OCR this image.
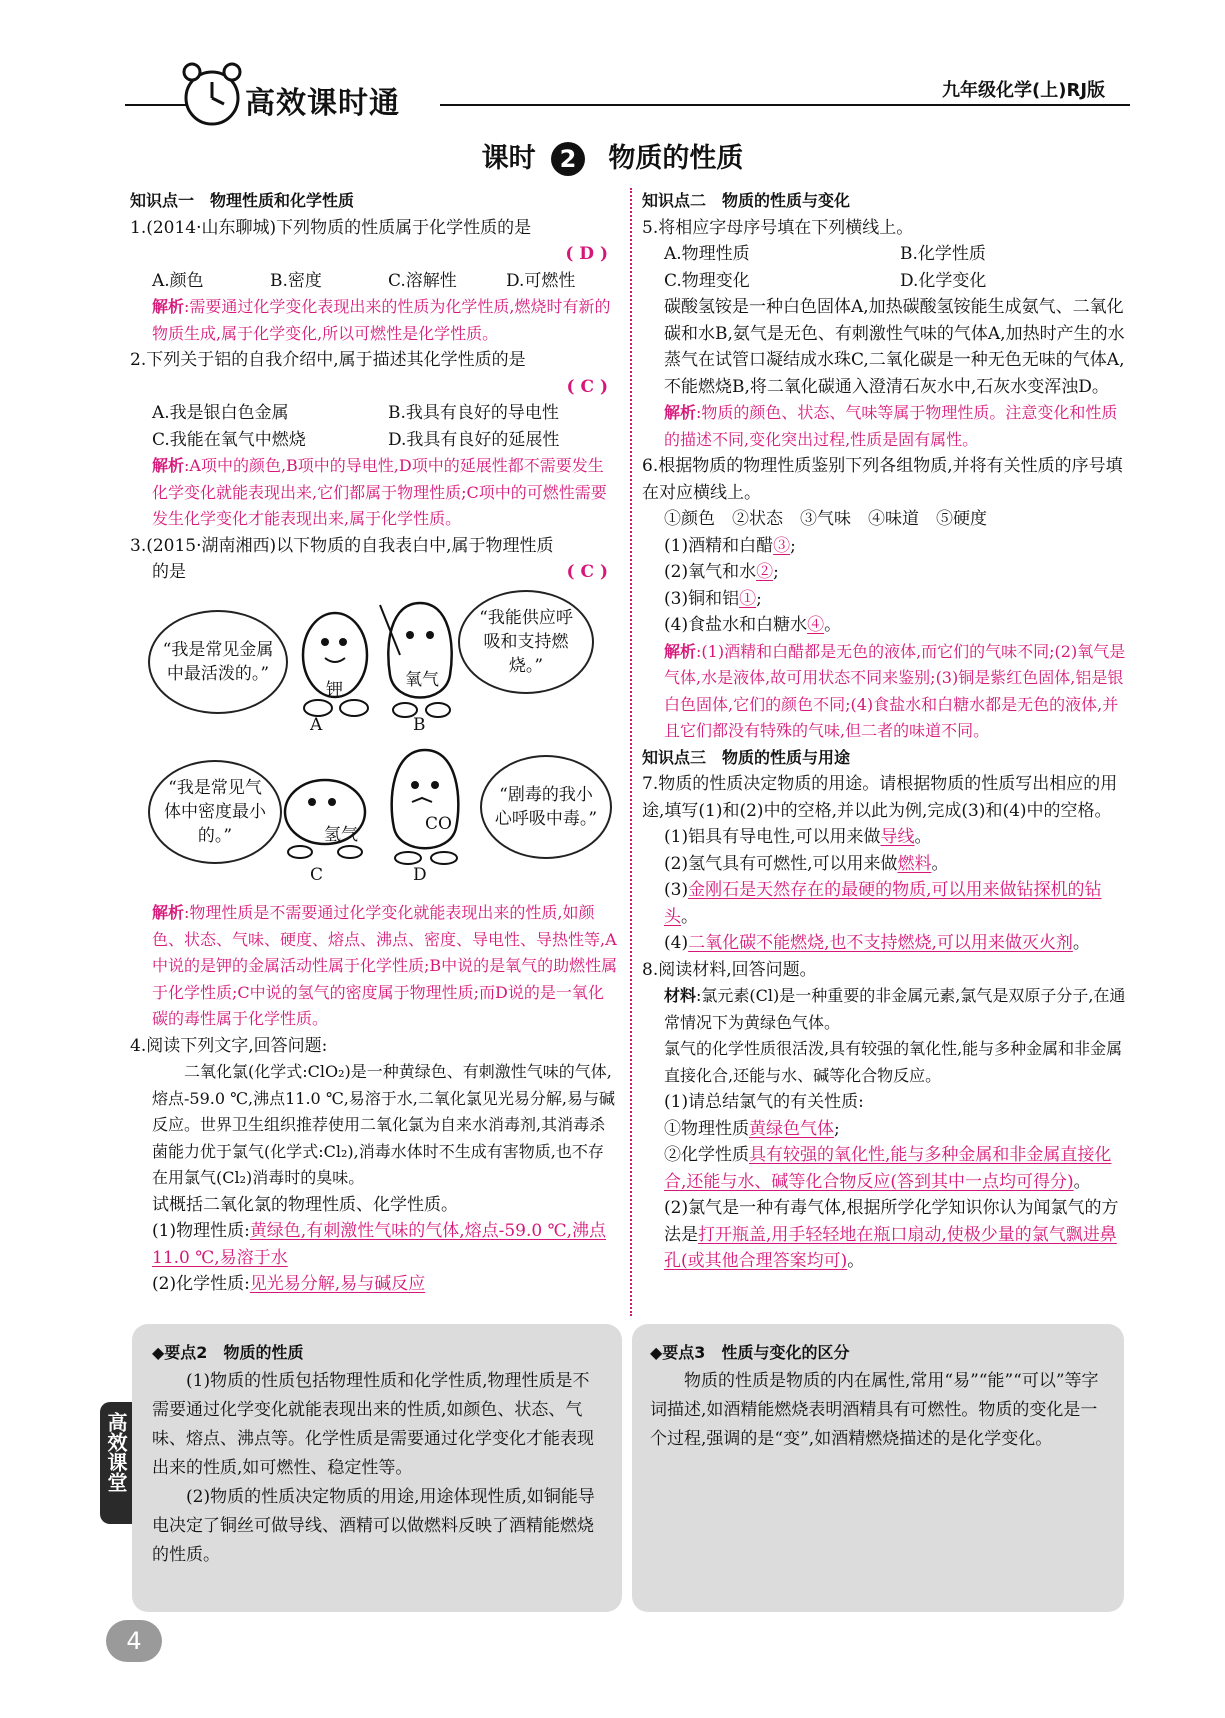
高效课时通	九年级化学(上)RJ版
课时 2 物质的性质

知识点一　物理性质和化学性质

1.(2014·山东聊城)下列物质的性质属于化学性质的是

( D )

A.颜色	B.密度	C.溶解性	D.可燃性

解析:需要通过化学变化表现出来的性质为化学性质,燃烧时有新的物质生成,属于化学变化,所以可燃性是化学性质。

2.下列关于铝的自我介绍中,属于描述其化学性质的是

( C )

A.我是银白色金属	B.我具有良好的导电性

C.我能在氧气中燃烧	D.我具有良好的延展性

解析:A项中的颜色,B项中的导电性,D项中的延展性都不需要发生化学变化就能表现出来,它们都属于物理性质;C项中的可燃性需要发生化学变化才能表现出来,属于化学性质。

3.(2015·湖南湘西)以下物质的自我表白中,属于物理性质

的是	( C )

“我是常见金属中最活泼的。”
“我能供应呼吸和支持燃烧。”
“我是常见气体中密度最小的。”
“剧毒的我小心呼吸中毒。”
钾	氧气
A	B
氢气
CO
C	D

解析:物理性质是不需要通过化学变化就能表现出来的性质,如颜色、状态、气味、硬度、熔点、沸点、密度、导电性、导热性等,A中说的是钾的金属活动性属于化学性质;B中说的是氧气的助燃性属于化学性质;C中说的氢气的密度属于物理性质;而D说的是一氧化碳的毒性属于化学性质。

4.阅读下列文字,回答问题:

二氧化氯(化学式:ClO₂)是一种黄绿色、有刺激性气味的气体,熔点-59.0 ℃,沸点11.0 ℃,易溶于水,二氧化氯见光易分解,易与碱反应。世界卫生组织推荐使用二氧化氯为自来水消毒剂,其消毒杀菌能力优于氯气(化学式:Cl₂),消毒水体时不生成有害物质,也不存在用氯气(Cl₂)消毒时的臭味。

试概括二氧化氯的物理性质、化学性质。

(1)物理性质:黄绿色,有刺激性气味的气体,熔点-59.0 ℃,沸点11.0 ℃,易溶于水

(2)化学性质:见光易分解,易与碱反应

知识点二　物质的性质与变化

5.将相应字母序号填在下列横线上。

A.物理性质	B.化学性质

C.物理变化	D.化学变化

碳酸氢铵是一种白色固体A,加热碳酸氢铵能生成氨气、二氧化碳和水B,氨气是无色、有刺激性气味的气体A,加热时产生的水蒸气在试管口凝结成水珠C,二氧化碳是一种无色无味的气体A,不能燃烧B,将二氧化碳通入澄清石灰水中,石灰水变浑浊D。

解析:物质的颜色、状态、气味等属于物理性质。注意变化和性质的描述不同,变化突出过程,性质是固有属性。

6.根据物质的物理性质鉴别下列各组物质,并将有关性质的序号填在对应横线上。

①颜色　②状态　③气味　④味道　⑤硬度

(1)酒精和白醋③;

(2)氧气和水②;

(3)铜和铝①;

(4)食盐水和白糖水④。

解析:(1)酒精和白醋都是无色的液体,而它们的气味不同;(2)氧气是气体,水是液体,故可用状态不同来鉴别;(3)铜是紫红色固体,铝是银白色固体,它们的颜色不同;(4)食盐水和白糖水都是无色的液体,并且它们都没有特殊的气味,但二者的味道不同。

知识点三　物质的性质与用途

7.物质的性质决定物质的用途。请根据物质的性质写出相应的用途,填写(1)和(2)中的空格,并以此为例,完成(3)和(4)中的空格。

(1)铝具有导电性,可以用来做导线。

(2)氢气具有可燃性,可以用来做燃料。

(3)金刚石是天然存在的最硬的物质,可以用来做钻探机的钻头。

(4)二氧化碳不能燃烧,也不支持燃烧,可以用来做灭火剂。

8.阅读材料,回答问题。

材料:氯元素(Cl)是一种重要的非金属元素,氯气是双原子分子,在通常情况下为黄绿色气体。

氯气的化学性质很活泼,具有较强的氧化性,能与多种金属和非金属直接化合,还能与水、碱等化合物反应。

(1)请总结氯气的有关性质:

①物理性质黄绿色气体;

②化学性质具有较强的氧化性,能与多种金属和非金属直接化合,还能与水、碱等化合物反应(答到其中一点均可得分)。

(2)氯气是一种有毒气体,根据所学化学知识你认为闻氯气的方法是打开瓶盖,用手轻轻地在瓶口扇动,使极少量的氯气飘进鼻孔(或其他合理答案均可)。

◆要点2　物质的性质

(1)物质的性质包括物理性质和化学性质,物理性质是不需要通过化学变化就能表现出来的性质,如颜色、状态、气味、熔点、沸点等。化学性质是需要通过化学变化才能表现出来的性质,如可燃性、稳定性等。

(2)物质的性质决定物质的用途,用途体现性质,如铜能导电决定了铜丝可做导线、酒精可以做燃料反映了酒精能燃烧的性质。

◆要点3　性质与变化的区分

物质的性质是物质的内在属性,常用“易”“能”“可以”等字词描述,如酒精能燃烧表明酒精具有可燃性。物质的变化是一个过程,强调的是“变”,如酒精燃烧描述的是化学变化。

高效课堂
4
